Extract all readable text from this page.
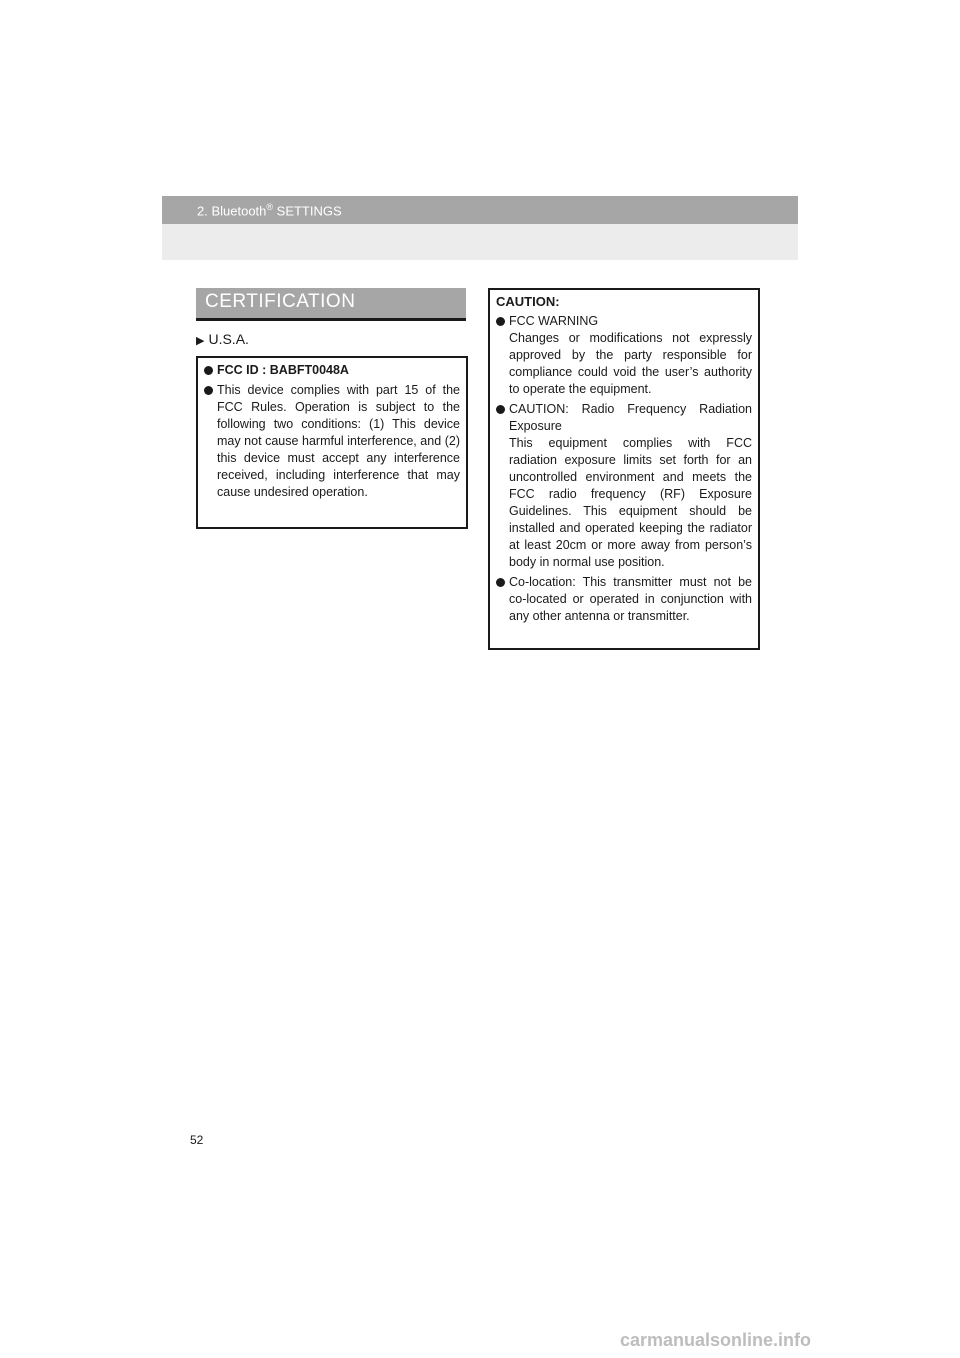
2. Bluetooth® SETTINGS
CERTIFICATION
▶ U.S.A.
FCC ID : BABFT0048A
This device complies with part 15 of the FCC Rules. Operation is subject to the following two conditions: (1) This device may not cause harmful interference, and (2) this device must accept any interference received, including interference that may cause undesired operation.
CAUTION:
FCC WARNING
Changes or modifications not expressly approved by the party responsible for compliance could void the user’s authority to operate the equipment.
CAUTION: Radio Frequency Radiation Exposure
This equipment complies with FCC radiation exposure limits set forth for an uncontrolled environment and meets the FCC radio frequency (RF) Exposure Guidelines. This equipment should be installed and operated keeping the radiator at least 20cm or more away from person’s body in normal use position.
Co-location: This transmitter must not be co-located or operated in conjunction with any other antenna or transmitter.
52
carmanualsonline.info
